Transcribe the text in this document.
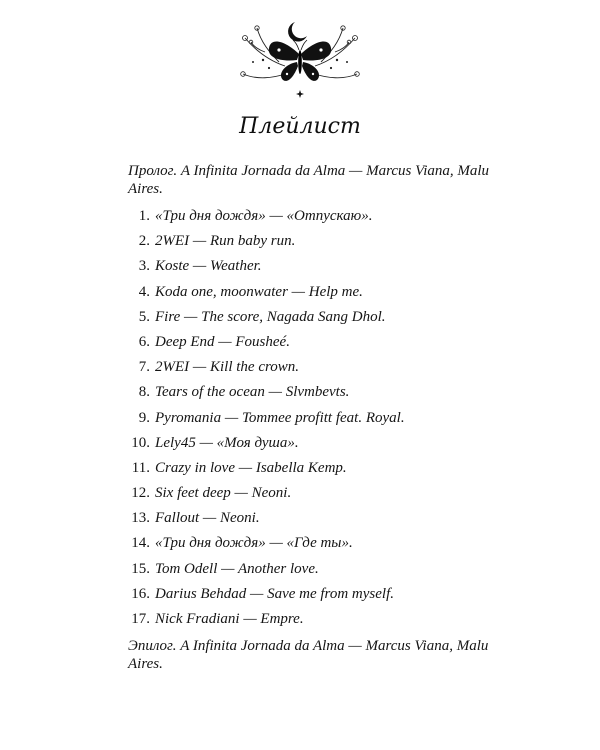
Плейлист

Пролог. A Infinita Jornada da Alma — Marcus Viana, Malu Aires.

1. «Три дня дождя» — «Отпускаю».
2. 2WEI — Run baby run.
3. Koste — Weather.
4. Koda one, moonwater — Help me.
5. Fire — The score, Nagada Sang Dhol.
6. Deep End — Fousheé.
7. 2WEI — Kill the crown.
8. Tears of the ocean — Slvmbevts.
9. Pyromania — Tommee profitt feat. Royal.
10. Lely45 — «Моя душа».
11. Crazy in love — Isabella Kemp.
12. Six feet deep — Neoni.
13. Fallout — Neoni.
14. «Три дня дождя» — «Где ты».
15. Tom Odell — Another love.
16. Darius Behdad — Save me from myself.
17. Nick Fradiani — Empre.

Эпилог. A Infinita Jornada da Alma — Marcus Viana, Malu Aires.
